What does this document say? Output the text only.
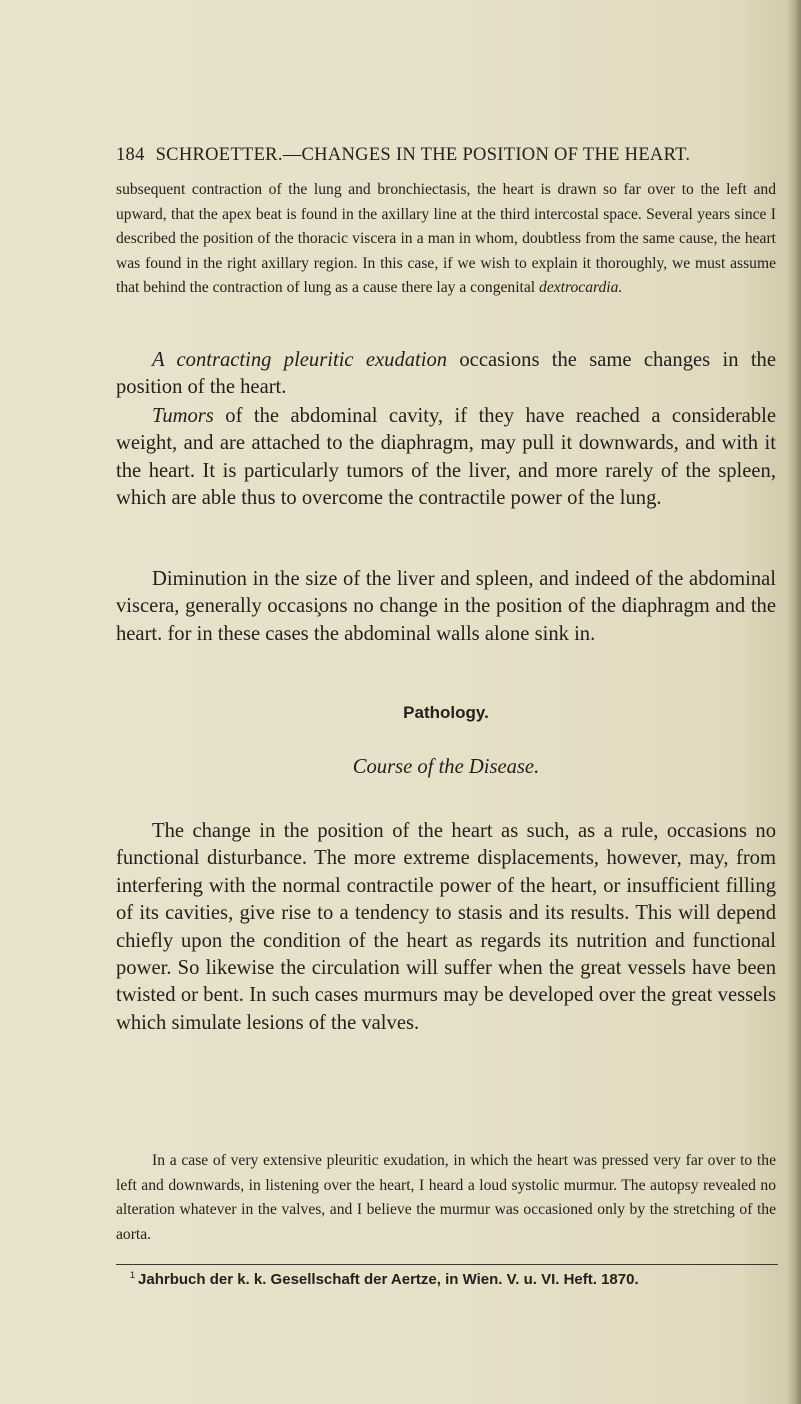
184 SCHROETTER.—CHANGES IN THE POSITION OF THE HEART.

subsequent contraction of the lung and bronchiectasis, the heart is drawn so far over to the left and upward, that the apex beat is found in the axillary line at the third intercostal space. Several years since I described the position of the thoracic viscera in a man in whom, doubtless from the same cause, the heart was found in the right axillary region. In this case, if we wish to explain it thoroughly, we must assume that behind the contraction of lung as a cause there lay a congenital dextrocardia.

A contracting pleuritic exudation occasions the same changes in the position of the heart.

Tumors of the abdominal cavity, if they have reached a considerable weight, and are attached to the diaphragm, may pull it downwards, and with it the heart. It is particularly tumors of the liver, and more rarely of the spleen, which are able thus to overcome the contractile power of the lung.

Diminution in the size of the liver and spleen, and indeed of the abdominal viscera, generally occasi̧ons no change in the position of the diaphragm and the heart. for in these cases the abdominal walls alone sink in.

Pathology.

Course of the Disease.

The change in the position of the heart as such, as a rule, occasions no functional disturbance. The more extreme displacements, however, may, from interfering with the normal contractile power of the heart, or insufficient filling of its cavities, give rise to a tendency to stasis and its results. This will depend chiefly upon the condition of the heart as regards its nutrition and functional power. So likewise the circulation will suffer when the great vessels have been twisted or bent. In such cases murmurs may be developed over the great vessels which simulate lesions of the valves.

In a case of very extensive pleuritic exudation, in which the heart was pressed very far over to the left and downwards, in listening over the heart, I heard a loud systolic murmur. The autopsy revealed no alteration whatever in the valves, and I believe the murmur was occasioned only by the stretching of the aorta.

$^1$ Jahrbuch der k. k. Gesellschaft der Aertze, in Wien. V. u. VI. Heft. 1870.
